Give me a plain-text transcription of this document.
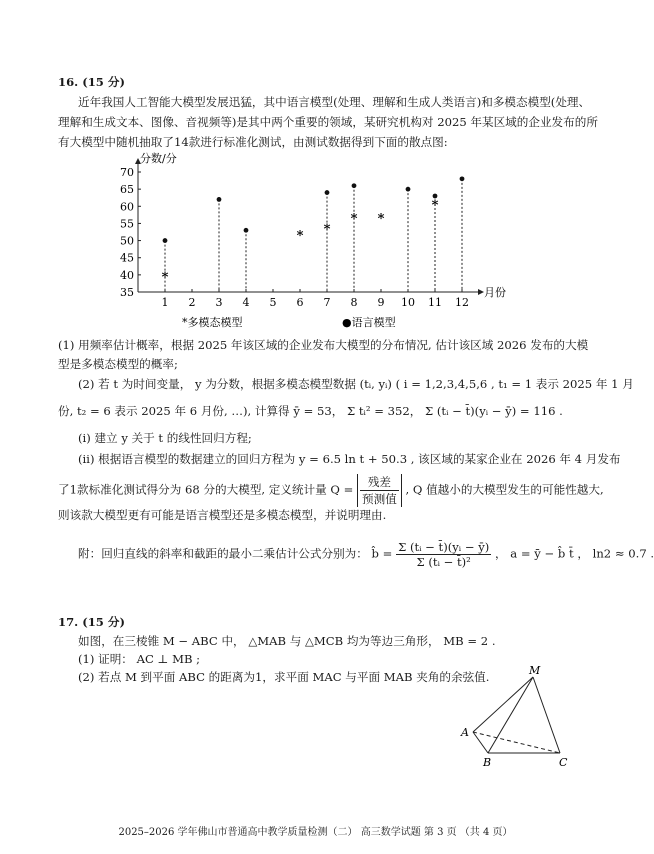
16. (15 分)
近年我国人工智能大模型发展迅猛，其中语言模型(处理、理解和生成人类语言)和多模态模型(处理、
理解和生成文本、图像、音视频等)是其中两个重要的领域，某研究机构对 2025 年某区域的企业发布的所
有大模型中随机抽取了14款进行标准化测试，由测试数据得到下面的散点图:
分数/分
月份
35
40
45
50
55
60
65
70
1 2 3 4 5 6 7 8 9 10 11 12
*
* *
* *
*
*多模态模型	●语言模型
(1) 用频率估计概率，根据 2025 年该区域的企业发布大模型的分布情况, 估计该区域 2026 发布的大模
型是多模态模型的概率;
(2) 若 t 为时间变量， y 为分数，根据多模态模型数据 (tᵢ, yᵢ) ( i = 1,2,3,4,5,6 , t₁ = 1 表示 2025 年 1 月
份, t₂ = 6 表示 2025 年 6 月份, …), 计算得 ȳ = 53， Σ tᵢ² = 352， Σ (tᵢ − t̄)(yᵢ − ȳ) = 116 .
(ⅰ) 建立 y 关于 t 的线性回归方程;
(ⅱ) 根据语言模型的数据建立的回归方程为 y = 6.5 ln t + 50.3 , 该区域的某家企业在 2026 年 4 月发布
了1款标准化测试得分为 68 分的大模型, 定义统计量 $Q = \frac{\text{残差}}{\text{预测值}}$ , Q 值越小的大模型发生的可能性越大,
则该款大模型更有可能是语言模型还是多模态模型，并说明理由.
附：回归直线的斜率和截距的最小二乘估计公式分别为： b̂ = $\frac{\text{Σ (tᵢ − t̄)(yᵢ − ȳ)}}{\text{Σ (tᵢ − t̄)²}}$ ， a = ȳ − b̂ t̄ ， ln2 ≈ 0.7 .
17. (15 分)
如图，在三棱锥 M − ABC 中， △MAB 与 △MCB 均为等边三角形， MB = 2 .
(1) 证明： AC ⊥ MB ;
(2) 若点 M 到平面 ABC 的距离为1，求平面 MAC 与平面 MAB 夹角的余弦值.	M
A
B	C
2025–2026 学年佛山市普通高中教学质量检测（二） 高三数学试题 第 3 页 （共 4 页）
